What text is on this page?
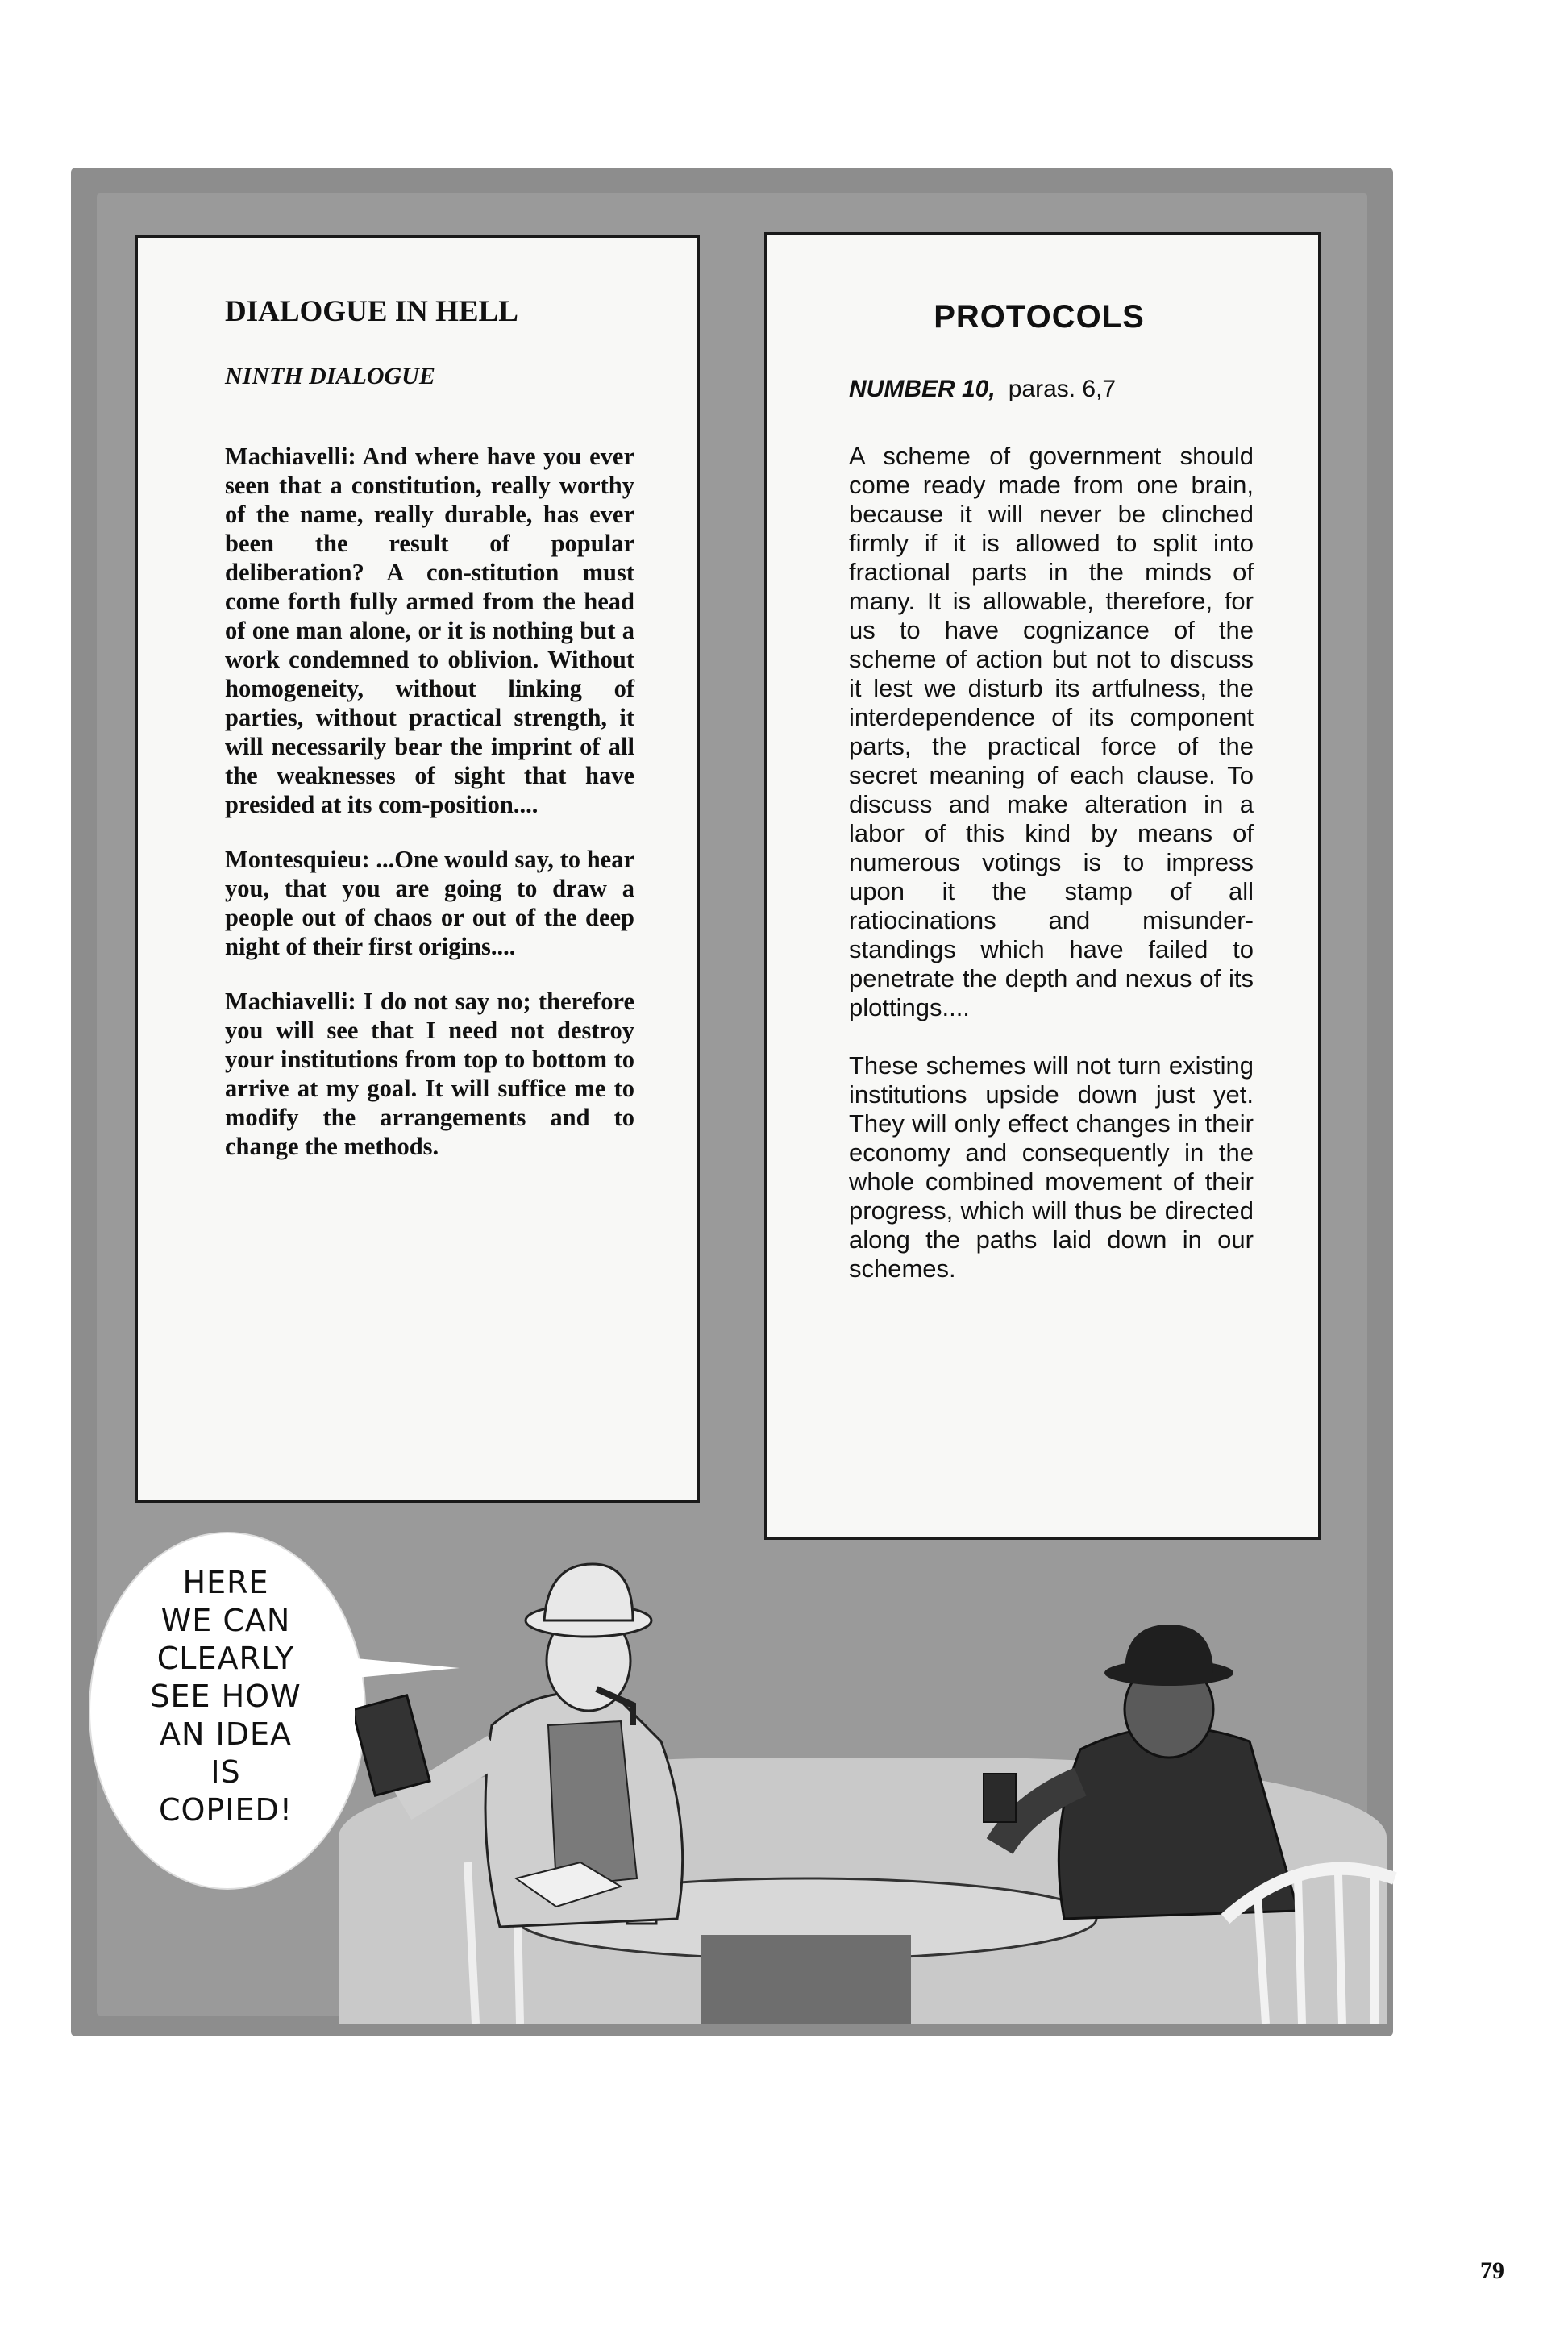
DIALOGUE IN HELL
NINTH DIALOGUE

Machiavelli: And where have you ever seen that a constitution, really worthy of the name, really durable, has ever been the result of popular deliberation? A con-stitution must come forth fully armed from the head of one man alone, or it is nothing but a work condemned to oblivion. Without homogeneity, without linking of parties, without practical strength, it will necessarily bear the imprint of all the weaknesses of sight that have presided at its com-position....

Montesquieu: ...One would say, to hear you, that you are going to draw a people out of chaos or out of the deep night of their first origins....

Machiavelli: I do not say no; therefore you will see that I need not destroy your institutions from top to bottom to arrive at my goal. It will suffice me to modify the arrangements and to change the methods.

PROTOCOLS
NUMBER 10, paras. 6,7

A scheme of government should come ready made from one brain, because it will never be clinched firmly if it is allowed to split into fractional parts in the minds of many. It is allowable, therefore, for us to have cognizance of the scheme of action but not to discuss it lest we disturb its artfulness, the interdependence of its component parts, the practical force of the secret meaning of each clause. To discuss and make alteration in a labor of this kind by means of numerous votings is to impress upon it the stamp of all ratiocinations and misunder-standings which have failed to penetrate the depth and nexus of its plottings....

These schemes will not turn existing institutions upside down just yet. They will only effect changes in their economy and consequently in the whole combined movement of their progress, which will thus be directed along the paths laid down in our schemes.

HERE
WE CAN
CLEARLY
SEE HOW
AN IDEA
IS
COPIED!
79
